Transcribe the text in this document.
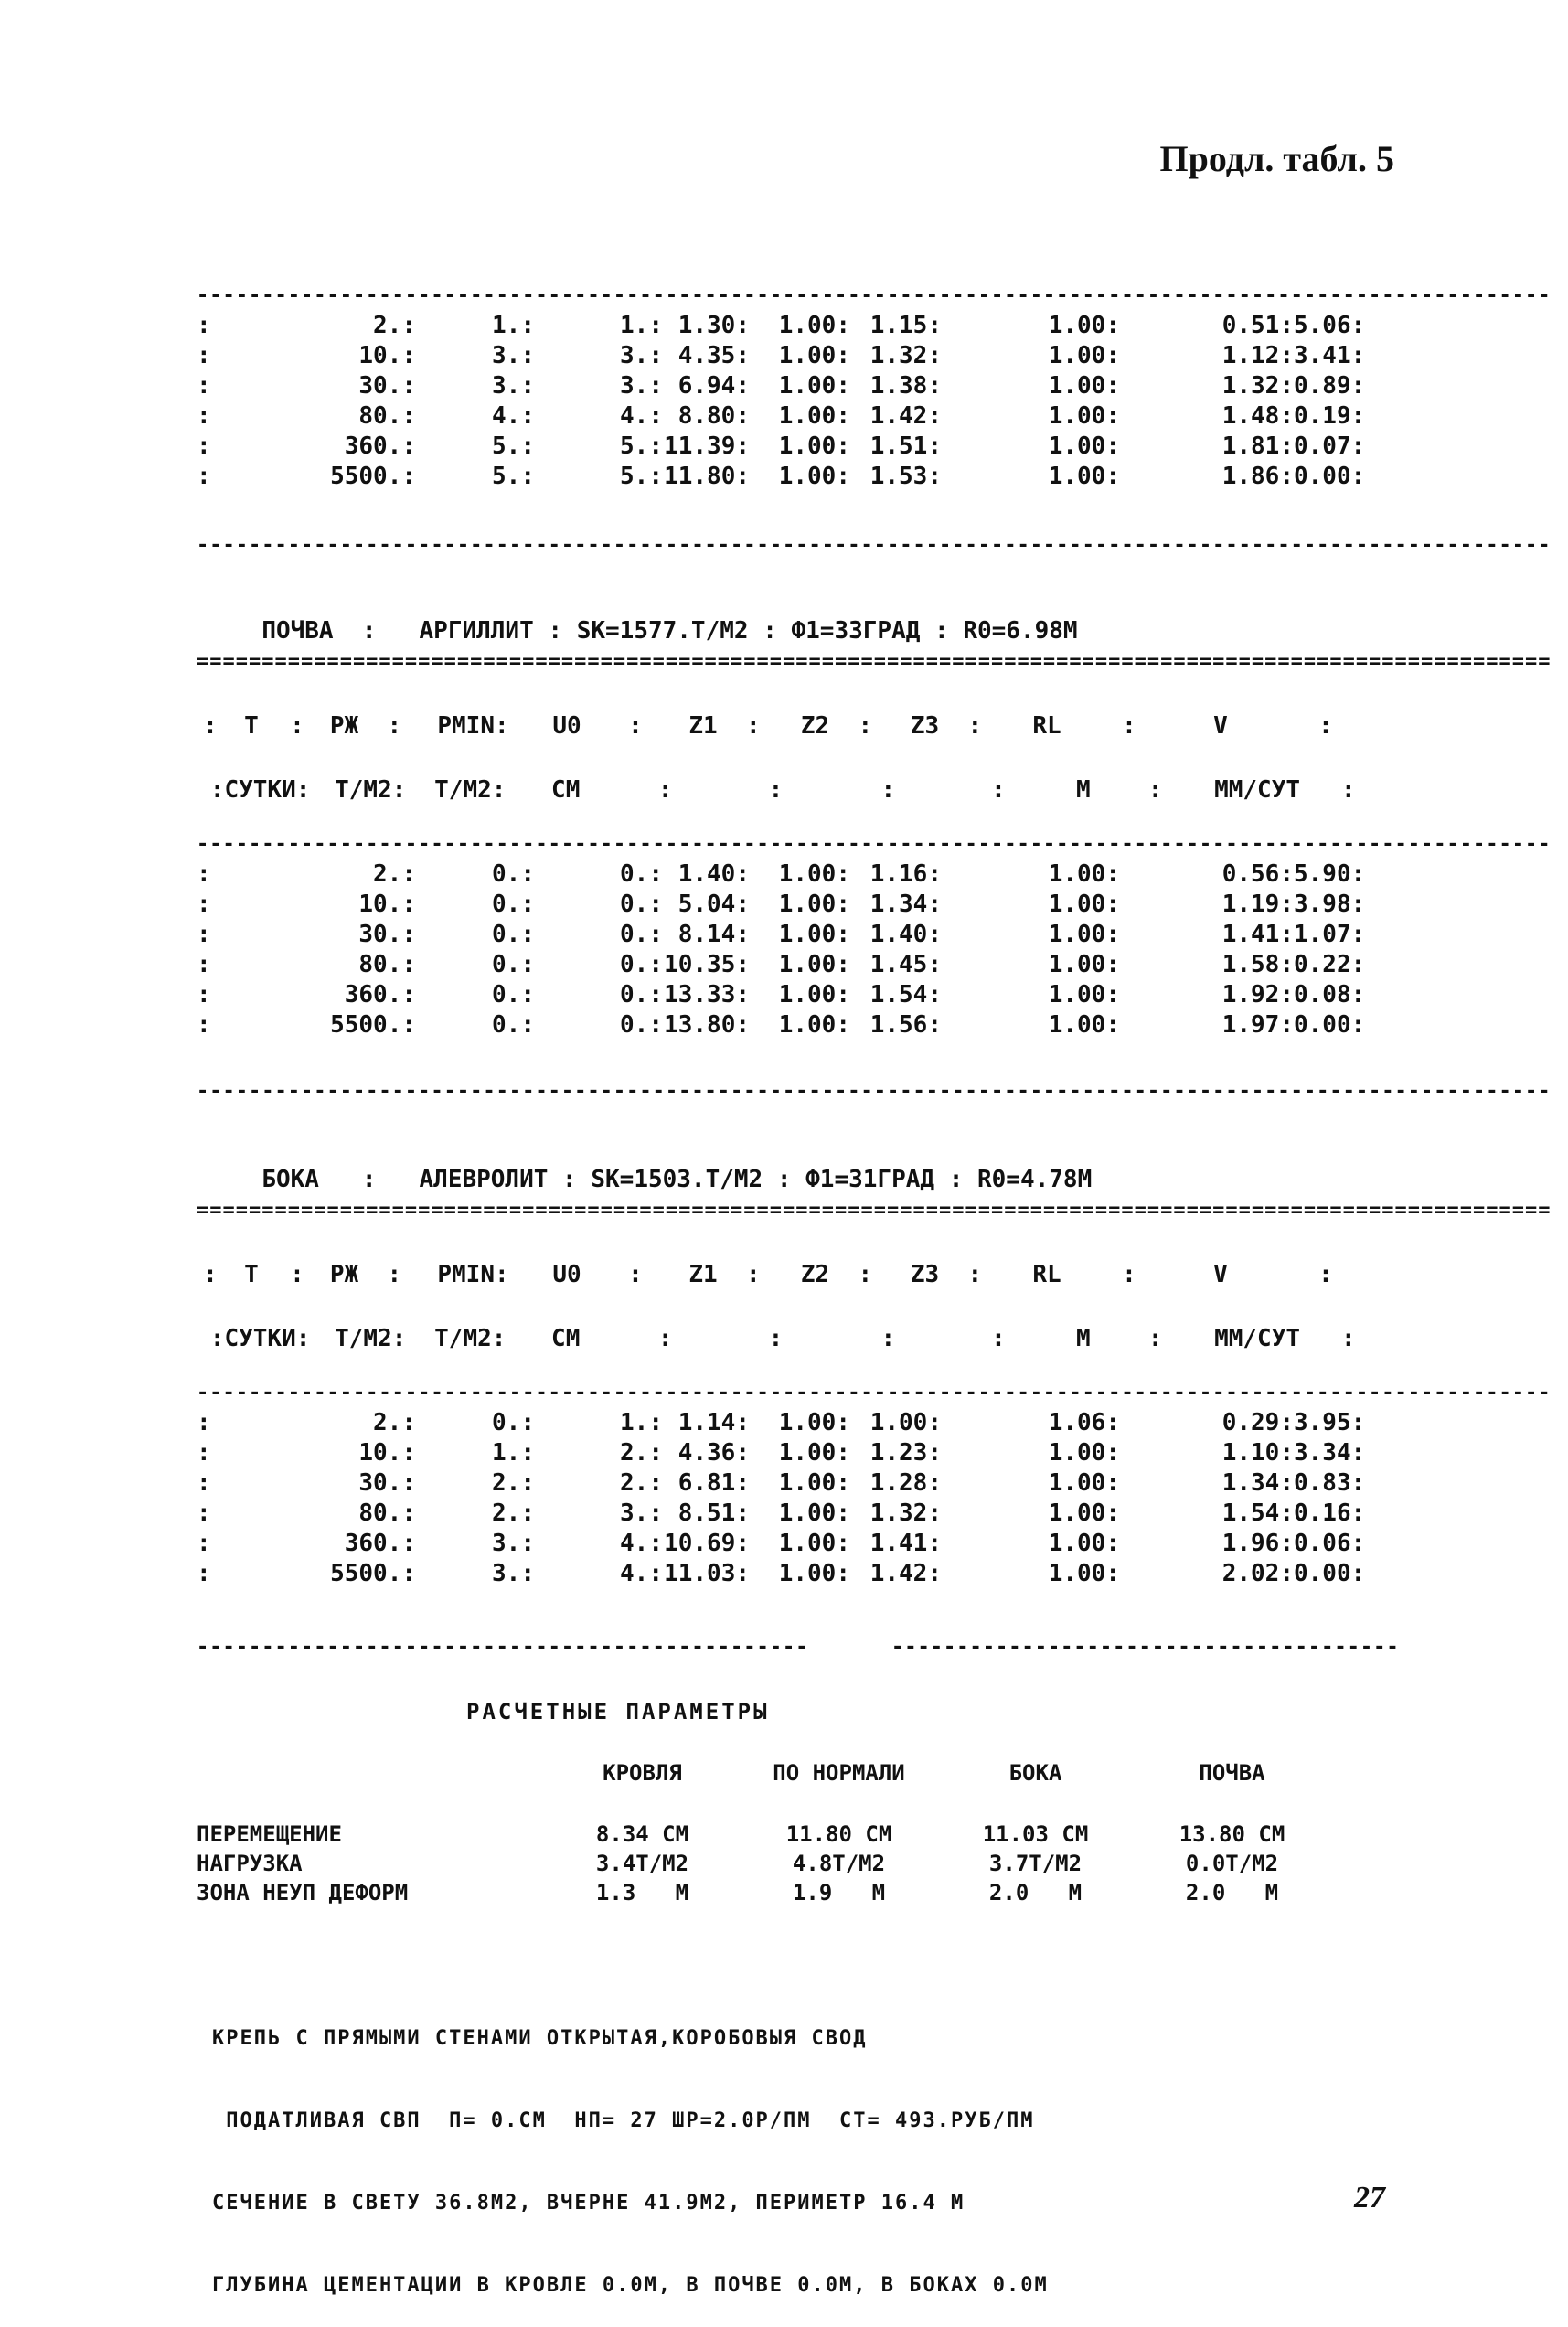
Продл. табл. 5
--------------------------------------------------------------------------------------------------------
:	2.:	1.:	1.: 1.30:	1.00: 1.15:	1.00:	0.51: 5.06:
:	10.:	3.:	3.: 4.35:	1.00: 1.32:	1.00:	1.12: 3.41:
:	30.:	3.:	3.: 6.94:	1.00: 1.38:	1.00:	1.32: 0.89:
:	80.:	4.:	4.: 8.80:	1.00: 1.42:	1.00:	1.48: 0.19:
:	360.:	5.:	5.: 11.39:	1.00: 1.51:	1.00:	1.81: 0.07:
:	5500.:	5.:	5.: 11.80:	1.00: 1.53:	1.00:	1.86: 0.00:
--------------------------------------------------------------------------------------------------------

ПОЧВА  : АРГИЛЛИТ : SK=1577.Т/М2 : Ф1=33ГРАД : R0=6.98М

========================================================================================================
:	T	:	РЖ  :	PMIN:	U0	:	Z1  :	Z2  :	Z3  :	RL	:	V	:
:СУТКИ:	Т/М2:	Т/М2:	СМ	:	:	:	:	М	:	ММ/СУТ	:
--------------------------------------------------------------------------------------------------------
:	2.:	0.:	0.: 1.40:	1.00: 1.16:	1.00:	0.56: 5.90:
:	10.:	0.:	0.: 5.04:	1.00: 1.34:	1.00:	1.19: 3.98:
:	30.:	0.:	0.: 8.14:	1.00: 1.40:	1.00:	1.41: 1.07:
:	80.:	0.:	0.: 10.35:	1.00: 1.45:	1.00:	1.58: 0.22:
:	360.:	0.:	0.: 13.33:	1.00: 1.54:	1.00:	1.92: 0.08:
:	5500.:	0.:	0.: 13.80:	1.00: 1.56:	1.00:	1.97: 0.00:
--------------------------------------------------------------------------------------------------------

БОКА   : АЛЕВРОЛИТ : SK=1503.Т/М2 : Ф1=31ГРАД : R0=4.78М

========================================================================================================
:	T	:	РЖ  :	PMIN:	U0	:	Z1  :	Z2  :	Z3  :	RL	:	V	:
:СУТКИ:	Т/М2:	Т/М2:	СМ	:	:	:	:	М	:	ММ/СУТ	:
--------------------------------------------------------------------------------------------------------
:	2.:	0.:	1.: 1.14:	1.00: 1.00:	1.06:	0.29: 3.95:
:	10.:	1.:	2.: 4.36:	1.00: 1.23:	1.00:	1.10: 3.34:
:	30.:	2.:	2.: 6.81:	1.00: 1.28:	1.00:	1.34: 0.83:
:	80.:	2.:	3.: 8.51:	1.00: 1.32:	1.00:	1.54: 0.16:
:	360.:	3.:	4.: 10.69:	1.00: 1.41:	1.00:	1.96: 0.06:
:	5500.:	3.:	4.: 11.03:	1.00: 1.42:	1.00:	2.02: 0.00:
-----------------------------------------------	---------------------------------------
РАСЧЕТНЫЕ ПАРАМЕТРЫ
КРОВЛЯ	ПО НОРМАЛИ	БОКА	ПОЧВА
ПЕРЕМЕЩЕНИЕ	8.34 СМ	11.80 СМ	11.03 СМ	13.80 СМ
НАГРУЗКА	3.4Т/М2	4.8Т/М2	3.7Т/М2	0.0Т/М2
ЗОНА НЕУП ДЕФОРМ	1.3   М	1.9   М	2.0   М	2.0   М

КРЕПЬ С ПРЯМЫМИ СТЕНАМИ ОТКРЫТАЯ,КОРОБОВЫЯ СВОД

ПОДАТЛИВАЯ СВП  П= 0.СМ  НП= 27 ШР=2.0Р/ПМ  СТ= 493.РУБ/ПМ

СЕЧЕНИЕ В СВЕТУ 36.8М2, ВЧЕРНЕ 41.9М2, ПЕРИМЕТР 16.4 М

ГЛУБИНА ЦЕМЕНТАЦИИ В КРОВЛЕ 0.0М, В ПОЧВЕ 0.0М, В БОКАХ 0.0М

27
